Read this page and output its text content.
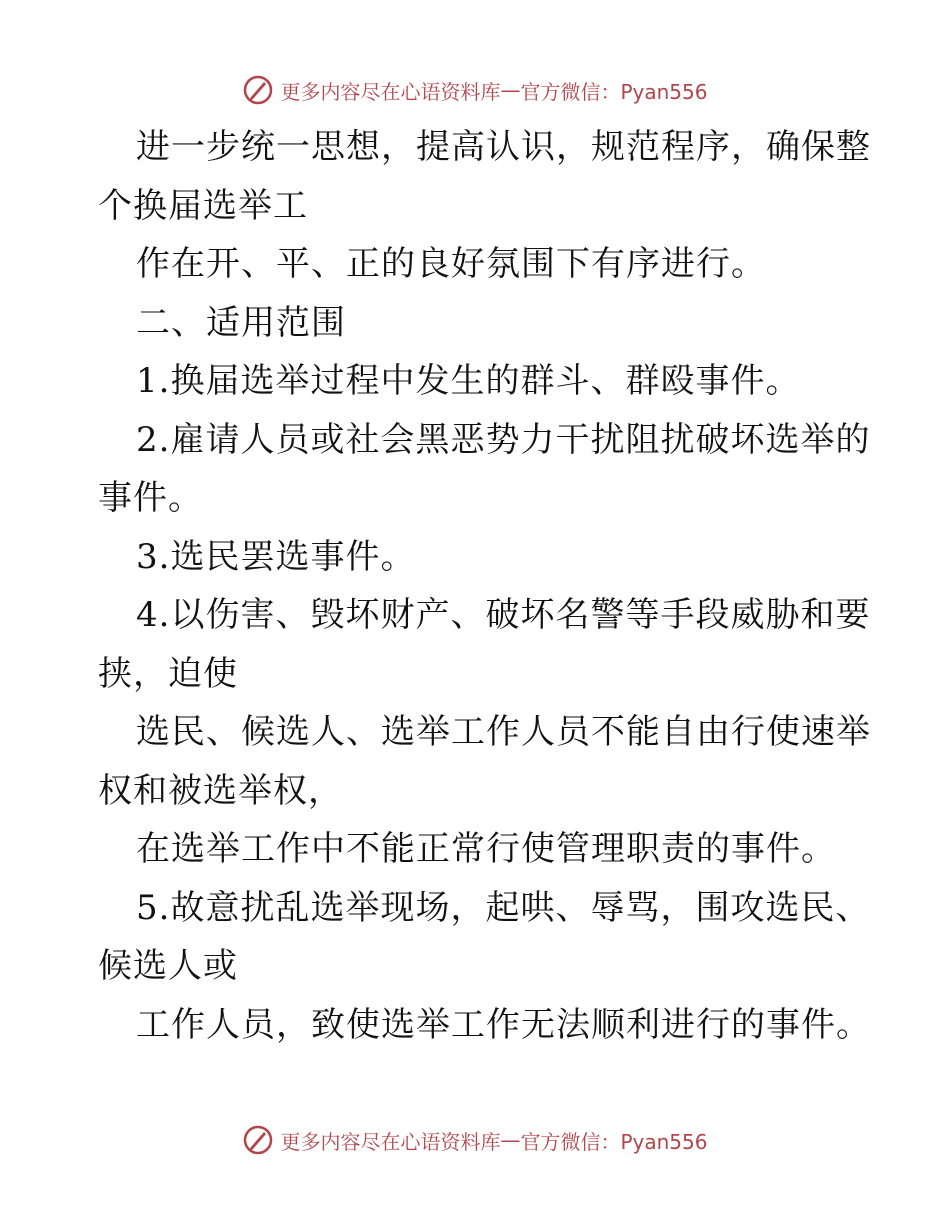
更多内容尽在心语资料库 — 官方微信：Pyan556
进一步统一思想，提高认识，规范程序，确保整
个换届选举工
作在开、平、正的良好氛围下有序进行。
二、适用范围
1.换届选举过程中发生的群斗、群殴事件。
2.雇请人员或社会黑恶势力干扰阻扰破坏选举的
事件。
3.选民罢选事件。
4.以伤害、毁坏财产、破坏名警等手段威胁和要
挟，迫使
选民、候选人、选举工作人员不能自由行使速举
权和被选举权，
在选举工作中不能正常行使管理职责的事件。
5.故意扰乱选举现场，起哄、辱骂，围攻选民、
候选人或
工作人员，致使选举工作无法顺利进行的事件。
更多内容尽在心语资料库 — 官方微信：Pyan556
